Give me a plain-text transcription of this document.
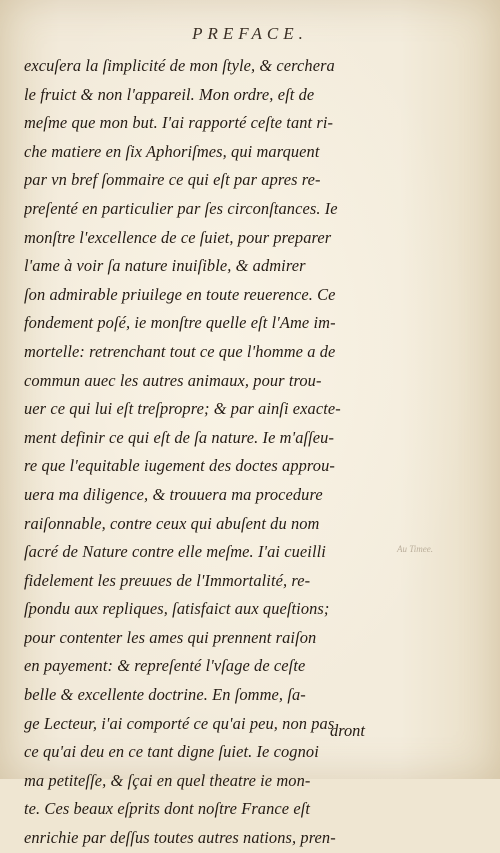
PREFACE.
excuſera la ſimplicité de mon ſtyle, & cerchera
le fruict & non l'appareil. Mon ordre, eſt de
meſme que mon but. I'ai rapporté ceſte tant ri-
che matiere en ſix Aphoriſmes, qui marquent
par vn bref ſommaire ce qui eſt par apres re-
preſenté en particulier par ſes circonſtances. Ie
monſtre l'excellence de ce ſuiet, pour preparer
l'ame à voir ſa nature inuiſible, & admirer
ſon admirable priuilege en toute reuerence. Ce
fondement poſé, ie monſtre quelle eſt l'Ame im-
mortelle: retrenchant tout ce que l'homme a de
commun auec les autres animaux, pour trou-
uer ce qui lui eſt treſpropre; & par ainſi exacte-
ment definir ce qui eſt de ſa nature. Ie m'aſſeu-
re que l'equitable iugement des doctes approu-
uera ma diligence, & trouuera ma procedure
raiſonnable, contre ceux qui abuſent du nom
ſacré de Nature contre elle meſme. I'ai cueilli
fidelement les preuues de l'Immortalité, re-
ſpondu aux repliques, ſatisfaict aux queſtions;
pour contenter les ames qui prennent raiſon
en payement: & repreſenté l'vſage de ceſte
belle & excellente doctrine. En ſomme, ſa-
ge Lecteur, i'ai comporté ce qu'ai peu, non pas
ce qu'ai deu en ce tant digne ſuiet. Ie cognoi
ma petiteſſe, & ſçai en quel theatre ie mon-
te. Ces beaux eſprits dont noſtre France eſt
enrichie par deſſus toutes autres nations, pren-
Au Timee.
dront
